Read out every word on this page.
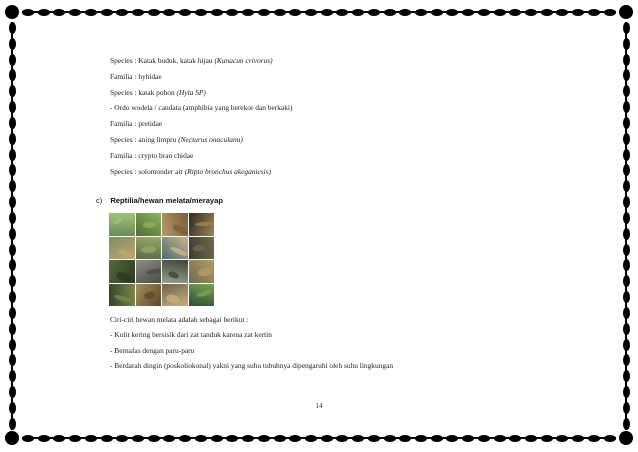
Species : Katak buduk, katak hijau (Kanacun crivorus)
Familia : hyhidae
Species : katak pohon (Hyla SP)
- Ordo wodela / candata (amphibia yang berekor dan berkaki)
Familia : pretidae
Species : aning limpru (Necturus onaculanu)
Familia : crypto bran chidae
Species : solomonder air (Ripto bronchus akeganiesis)
c) Reptilia/hewan melata/merayap
Ciri-ciri hewan melata adalah sebagai berikut :
- Kulit kering bersisik dari zat tanduk karena zat kertin
- Bernafas dengan paru-paru
- Berdarah dingin (poskoliokonal) yakni yang suhu tubuhnya dipengaruhi oleh suhu lingkungan
14
